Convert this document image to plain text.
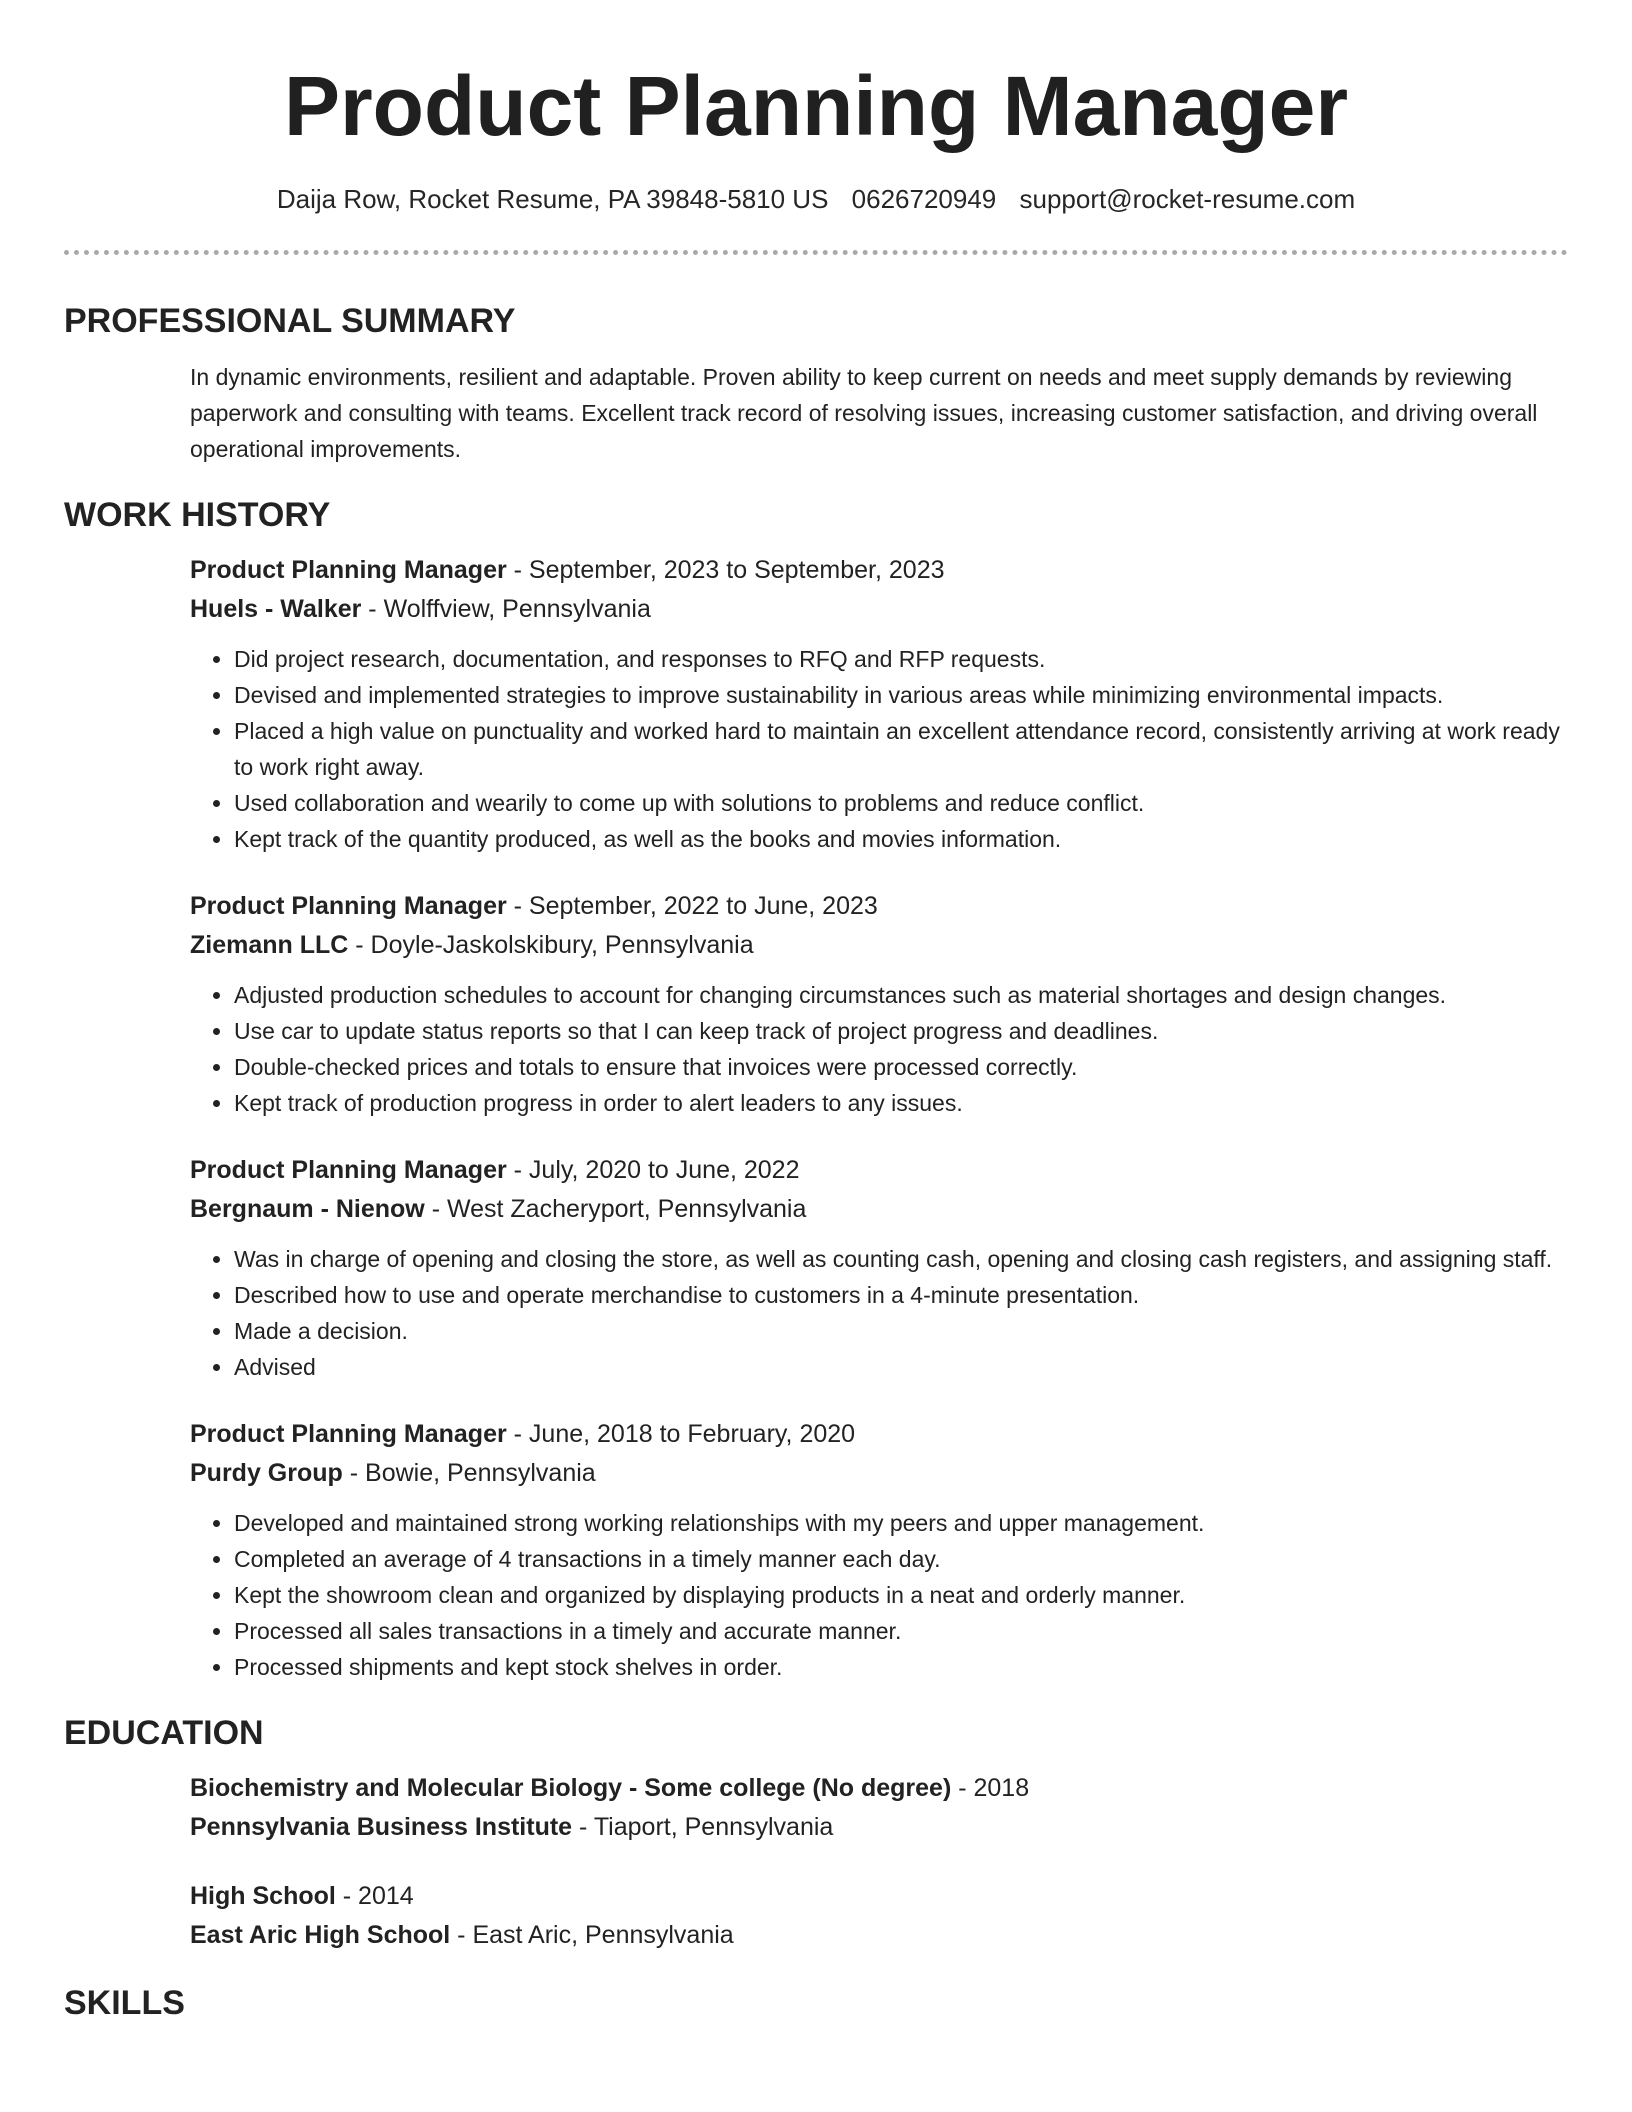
Product Planning Manager
Daija Row, Rocket Resume, PA 39848-5810 US 0626720949 support@rocket-resume.com
PROFESSIONAL SUMMARY

In dynamic environments, resilient and adaptable. Proven ability to keep current on needs and meet supply demands by reviewing paperwork and consulting with teams. Excellent track record of resolving issues, increasing customer satisfaction, and driving overall operational improvements.

WORK HISTORY

Product Planning Manager - September, 2023 to September, 2023

Huels - Walker - Wolffview, Pennsylvania

• Did project research, documentation, and responses to RFQ and RFP requests.
• Devised and implemented strategies to improve sustainability in various areas while minimizing environmental impacts.
• Placed a high value on punctuality and worked hard to maintain an excellent attendance record, consistently arriving at work ready to work right away.
• Used collaboration and wearily to come up with solutions to problems and reduce conflict.
• Kept track of the quantity produced, as well as the books and movies information.

Product Planning Manager - September, 2022 to June, 2023

Ziemann LLC - Doyle-Jaskolskibury, Pennsylvania

• Adjusted production schedules to account for changing circumstances such as material shortages and design changes.
• Use car to update status reports so that I can keep track of project progress and deadlines.
• Double-checked prices and totals to ensure that invoices were processed correctly.
• Kept track of production progress in order to alert leaders to any issues.

Product Planning Manager - July, 2020 to June, 2022

Bergnaum - Nienow - West Zacheryport, Pennsylvania

• Was in charge of opening and closing the store, as well as counting cash, opening and closing cash registers, and assigning staff.
• Described how to use and operate merchandise to customers in a 4-minute presentation.
• Made a decision.
• Advised

Product Planning Manager - June, 2018 to February, 2020

Purdy Group - Bowie, Pennsylvania

• Developed and maintained strong working relationships with my peers and upper management.
• Completed an average of 4 transactions in a timely manner each day.
• Kept the showroom clean and organized by displaying products in a neat and orderly manner.
• Processed all sales transactions in a timely and accurate manner.
• Processed shipments and kept stock shelves in order.
EDUCATION

Biochemistry and Molecular Biology - Some college (No degree) - 2018

Pennsylvania Business Institute - Tiaport, Pennsylvania

High School - 2014

East Aric High School - East Aric, Pennsylvania

SKILLS
